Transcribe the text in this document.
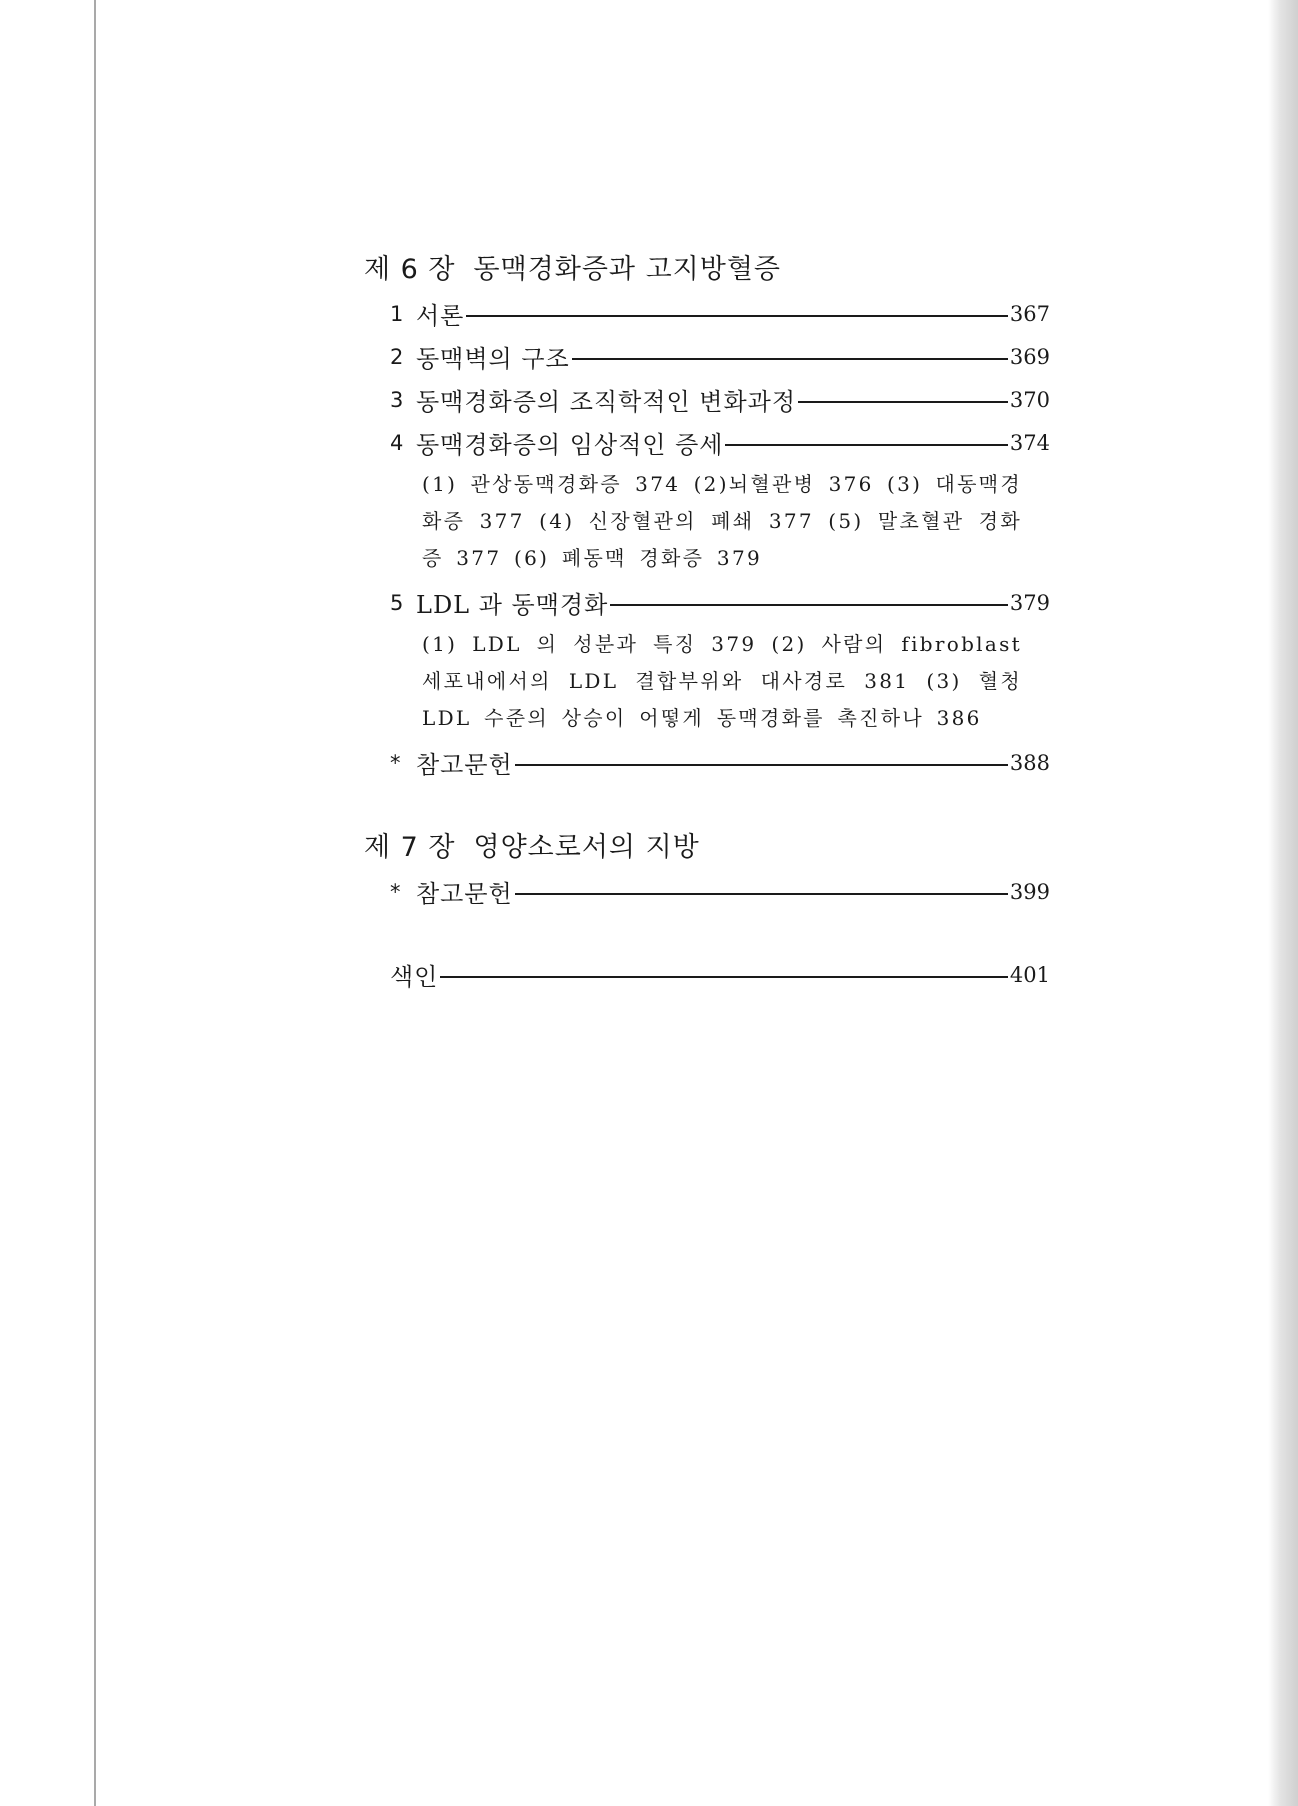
제 6 장 동맥경화증과 고지방혈증
1 서론	367
2 동맥벽의 구조	369
3 동맥경화증의 조직학적인 변화과정	370
4 동맥경화증의 임상적인 증세	374
(1) 관상동맥경화증 374 (2)뇌혈관병 376 (3) 대동맥경화증 377 (4) 신장혈관의 폐쇄 377 (5) 말초혈관 경화증 377 (6) 폐동맥 경화증 379
5 LDL 과 동맥경화	379
(1) LDL 의 성분과 특징 379 (2) 사람의 fibroblast 세포내에서의 LDL 결합부위와 대사경로 381 (3) 혈청 LDL 수준의 상승이 어떻게 동맥경화를 촉진하나 386
* 참고문헌	388
제 7 장 영양소로서의 지방
* 참고문헌	399
색인	401
